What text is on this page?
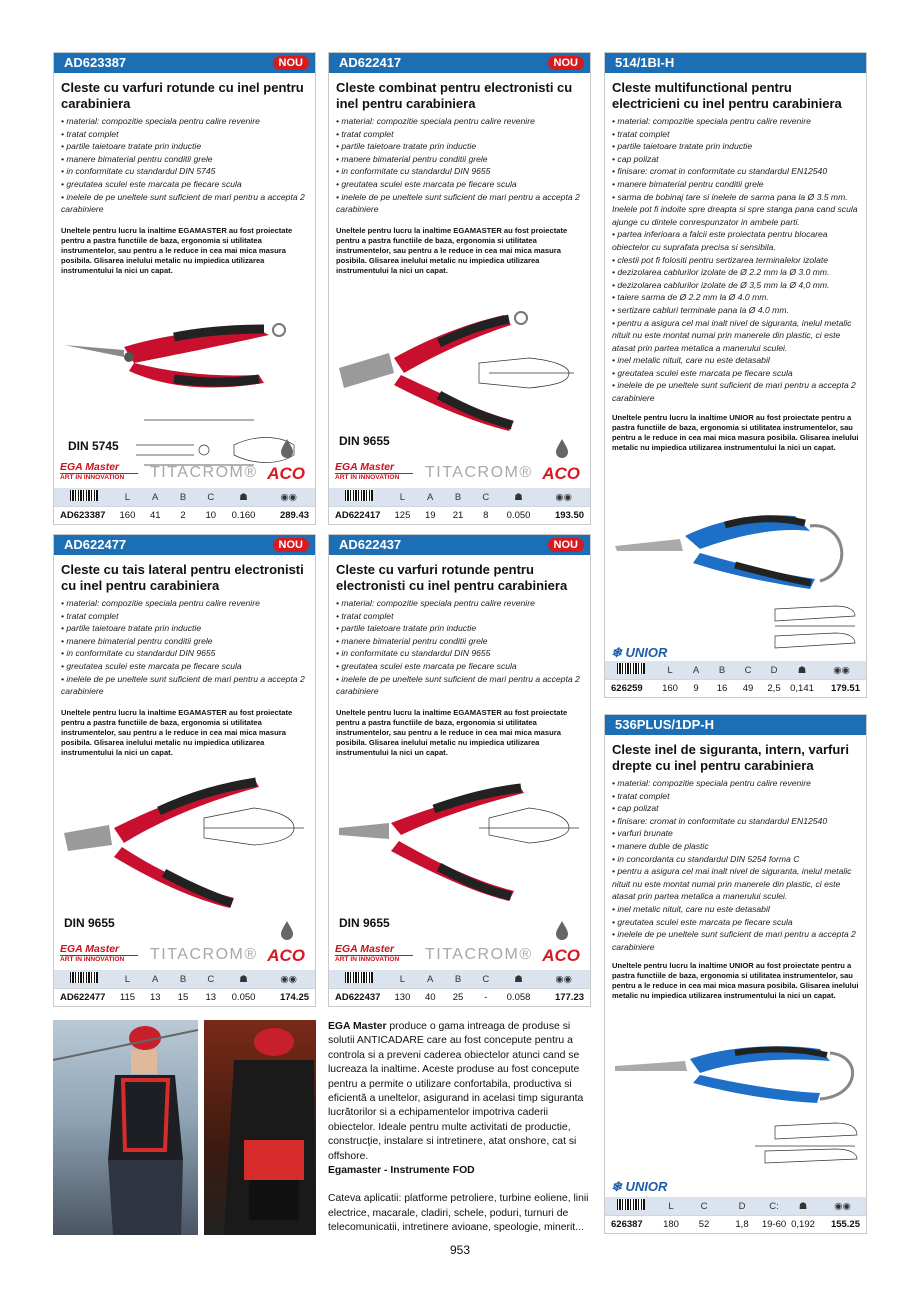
AD623387	NOU
Cleste cu varfuri rotunde cu inel pentru carabiniera
• material: compozitie speciala pentru calire revenire
• tratat complet
• partile taietoare tratate prin inductie
• manere bimaterial pentru conditii grele
• in conformitate cu standardul DIN 5745
• greutatea sculei este marcata pe fiecare scula
• inelele de pe uneltele sunt suficient de mari pentru a accepta 2 carabiniere
Uneltele pentru lucru la inaltime EGAMASTER au fost proiectate pentru a pastra functiile de baza, ergonomia si utilitatea instrumentelor, sau pentru a le reduce in cea mai mica masura posibila. Glisarea inelului metalic nu impiedica utilizarea instrumentului la nici un capat.
DIN 5745
EGA Master
ART IN INNOVATION	TITACROM® ACO
L	A	B	C	☗	◉◉
AD623387	160	41	2	10	0.160	289.43
AD622417	NOU
Cleste combinat pentru electronisti cu inel pentru carabiniera
• material: compozitie speciala pentru calire revenire
• tratat complet
• partile taietoare tratate prin inductie
• manere bimaterial pentru conditii grele
• in conformitate cu standardul DIN 9655
• greutatea sculei este marcata pe fiecare scula
• inelele de pe uneltele sunt suficient de mari pentru a accepta 2 carabiniere
Uneltele pentru lucru la inaltime EGAMASTER au fost proiectate pentru a pastra functiile de baza, ergonomia si utilitatea instrumentelor, sau pentru a le reduce in cea mai mica masura posibila. Glisarea inelului metalic nu impiedica utilizarea instrumentului la nici un capat.
DIN 9655
EGA Master
ART IN INNOVATION	TITACROM® ACO
L	A	B	C	☗	◉◉
AD622417	125	19	21	8	0.050	193.50
AD622477	NOU
Cleste cu tais lateral pentru electronisti cu inel pentru carabiniera
• material: compozitie speciala pentru calire revenire
• tratat complet
• partile taietoare tratate prin inductie
• manere bimaterial pentru conditii grele
• in conformitate cu standardul DIN 9655
• greutatea sculei este marcata pe fiecare scula
• inelele de pe uneltele sunt suficient de mari pentru a accepta 2 carabiniere
Uneltele pentru lucru la inaltime EGAMASTER au fost proiectate pentru a pastra functiile de baza, ergonomia si utilitatea instrumentelor, sau pentru a le reduce in cea mai mica masura posibila. Glisarea inelului metalic nu impiedica utilizarea instrumentului la nici un capat.
DIN 9655
EGA Master
ART IN INNOVATION	TITACROM® ACO
L	A	B	C	☗	◉◉
AD622477	115	13	15	13	0.050	174.25
AD622437	NOU
Cleste cu varfuri rotunde pentru electronisti cu inel pentru carabiniera
• material: compozitie speciala pentru calire revenire
• tratat complet
• partile taietoare tratate prin inductie
• manere bimaterial pentru conditii grele
• in conformitate cu standardul DIN 9655
• greutatea sculei este marcata pe fiecare scula
• inelele de pe uneltele sunt suficient de mari pentru a accepta 2 carabiniere
Uneltele pentru lucru la inaltime EGAMASTER au fost proiectate pentru a pastra functiile de baza, ergonomia si utilitatea instrumentelor, sau pentru a le reduce in cea mai mica masura posibila. Glisarea inelului metalic nu impiedica utilizarea instrumentului la nici un capat.
DIN 9655
EGA Master
ART IN INNOVATION	TITACROM® ACO
L	A	B	C	☗	◉◉
AD622437	130	40	25	-	0.058	177.23
514/1BI-H
Cleste multifunctional pentru electricieni cu inel pentru carabiniera
• material: compozitie speciala pentru calire revenire
• tratat complet
• partile taietoare tratate prin inductie
• cap polizat
• finisare: cromat in conformitate cu standardul EN12540
• manere bimaterial pentru conditii grele
• sarma de bobinaj tare si inelele de sarma pana la Ø 3.5 mm. Inelele pot fi indoite spre dreapta si spre stanga pana cand scula ajunge cu dintele conrespunzator in ambele parti.
• partea inferioara a falcii este proiectata pentru blocarea obiectelor cu suprafata precisa si sensibila.
• clestii pot fi folositi pentru sertizarea terminalelor izolate
• dezizolarea cablurilor izolate de Ø 2.2 mm la Ø 3.0 mm.
• dezizolarea cablurilor izolate de Ø 3,5 mm la Ø 4,0 mm.
• taiere sarma de Ø 2.2 mm la Ø 4.0 mm.
• sertizare cabluri terminale pana la Ø 4.0 mm.
• pentru a asigura cel mai inalt nivel de siguranta, inelul metalic nituit nu este montat numai prin manerele din plastic, ci este atasat prin partea metalica a manerului sculei.
• inel metalic nituit, care nu este detasabil
• greutatea sculei este marcata pe fiecare scula
• inelele de pe uneltele sunt suficient de mari pentru a accepta 2 carabiniere
Uneltele pentru lucru la inaltime UNIOR au fost proiectate pentru a pastra functiile de baza, ergonomia si utilitatea instrumentelor, sau pentru a le reduce in cea mai mica masura posibila. Glisarea inelului metalic nu impiedica utilizarea instrumentului la nici un capat.
❄ UNIOR
L	A	B	C	D	☗	◉◉
626259	160	9	16	49	2,5	0,141	179.51
536PLUS/1DP-H
Cleste inel de siguranta, intern, varfuri drepte cu inel pentru carabiniera
• material: compozitie speciala pentru calire revenire
• tratat complet
• cap polizat
• finisare: cromat in conformitate cu standardul EN12540
• varfuri brunate
• manere duble de plastic
• in concordanta cu standardul DIN 5254 forma C
• pentru a asigura cel mai inalt nivel de siguranta, inelul metalic nituit nu este montat numai prin manerele din plastic, ci este atasat prin partea metalica a manerului sculei.
• inel metalic nituit, care nu este detasabil
• greutatea sculei este marcata pe fiecare scula
• inelele de pe uneltele sunt suficient de mari pentru a accepta 2 carabiniere
Uneltele pentru lucru la inaltime UNIOR au fost proiectate pentru a pastra functiile de baza, ergonomia si utilitatea instrumentelor, sau pentru a le reduce in cea mai mica masura posibila. Glisarea inelului metalic nu impiedica utilizarea instrumentului la nici un capat.
❄ UNIOR
L	C	D	C:	☗	◉◉
626387	180	52	1,8	19-60 0,192	155.25

EGA Master produce o gama intreaga de produse si solutii ANTICADARE care au fost concepute pentru a controla si a preveni caderea obiectelor atunci cand se lucreaza la inaltime. Aceste produse au fost concepute pentru a permite o utilizare confortabila, productiva si eficientă a uneltelor, asigurand in acelasi timp siguranta lucrătorilor si a echipamentelor impotriva caderii obiectelor. Ideale pentru multe activitati de productie, construcţie, instalare si intretinere, atat onshore, cat si offshore.

Egamaster - Instrumente FOD

Cateva aplicatii: platforme petroliere, turbine eoliene, linii electrice, macarale, cladiri, schele, poduri, turnuri de telecomunicatii, intretinere avioane, speologie, minerit...

953
